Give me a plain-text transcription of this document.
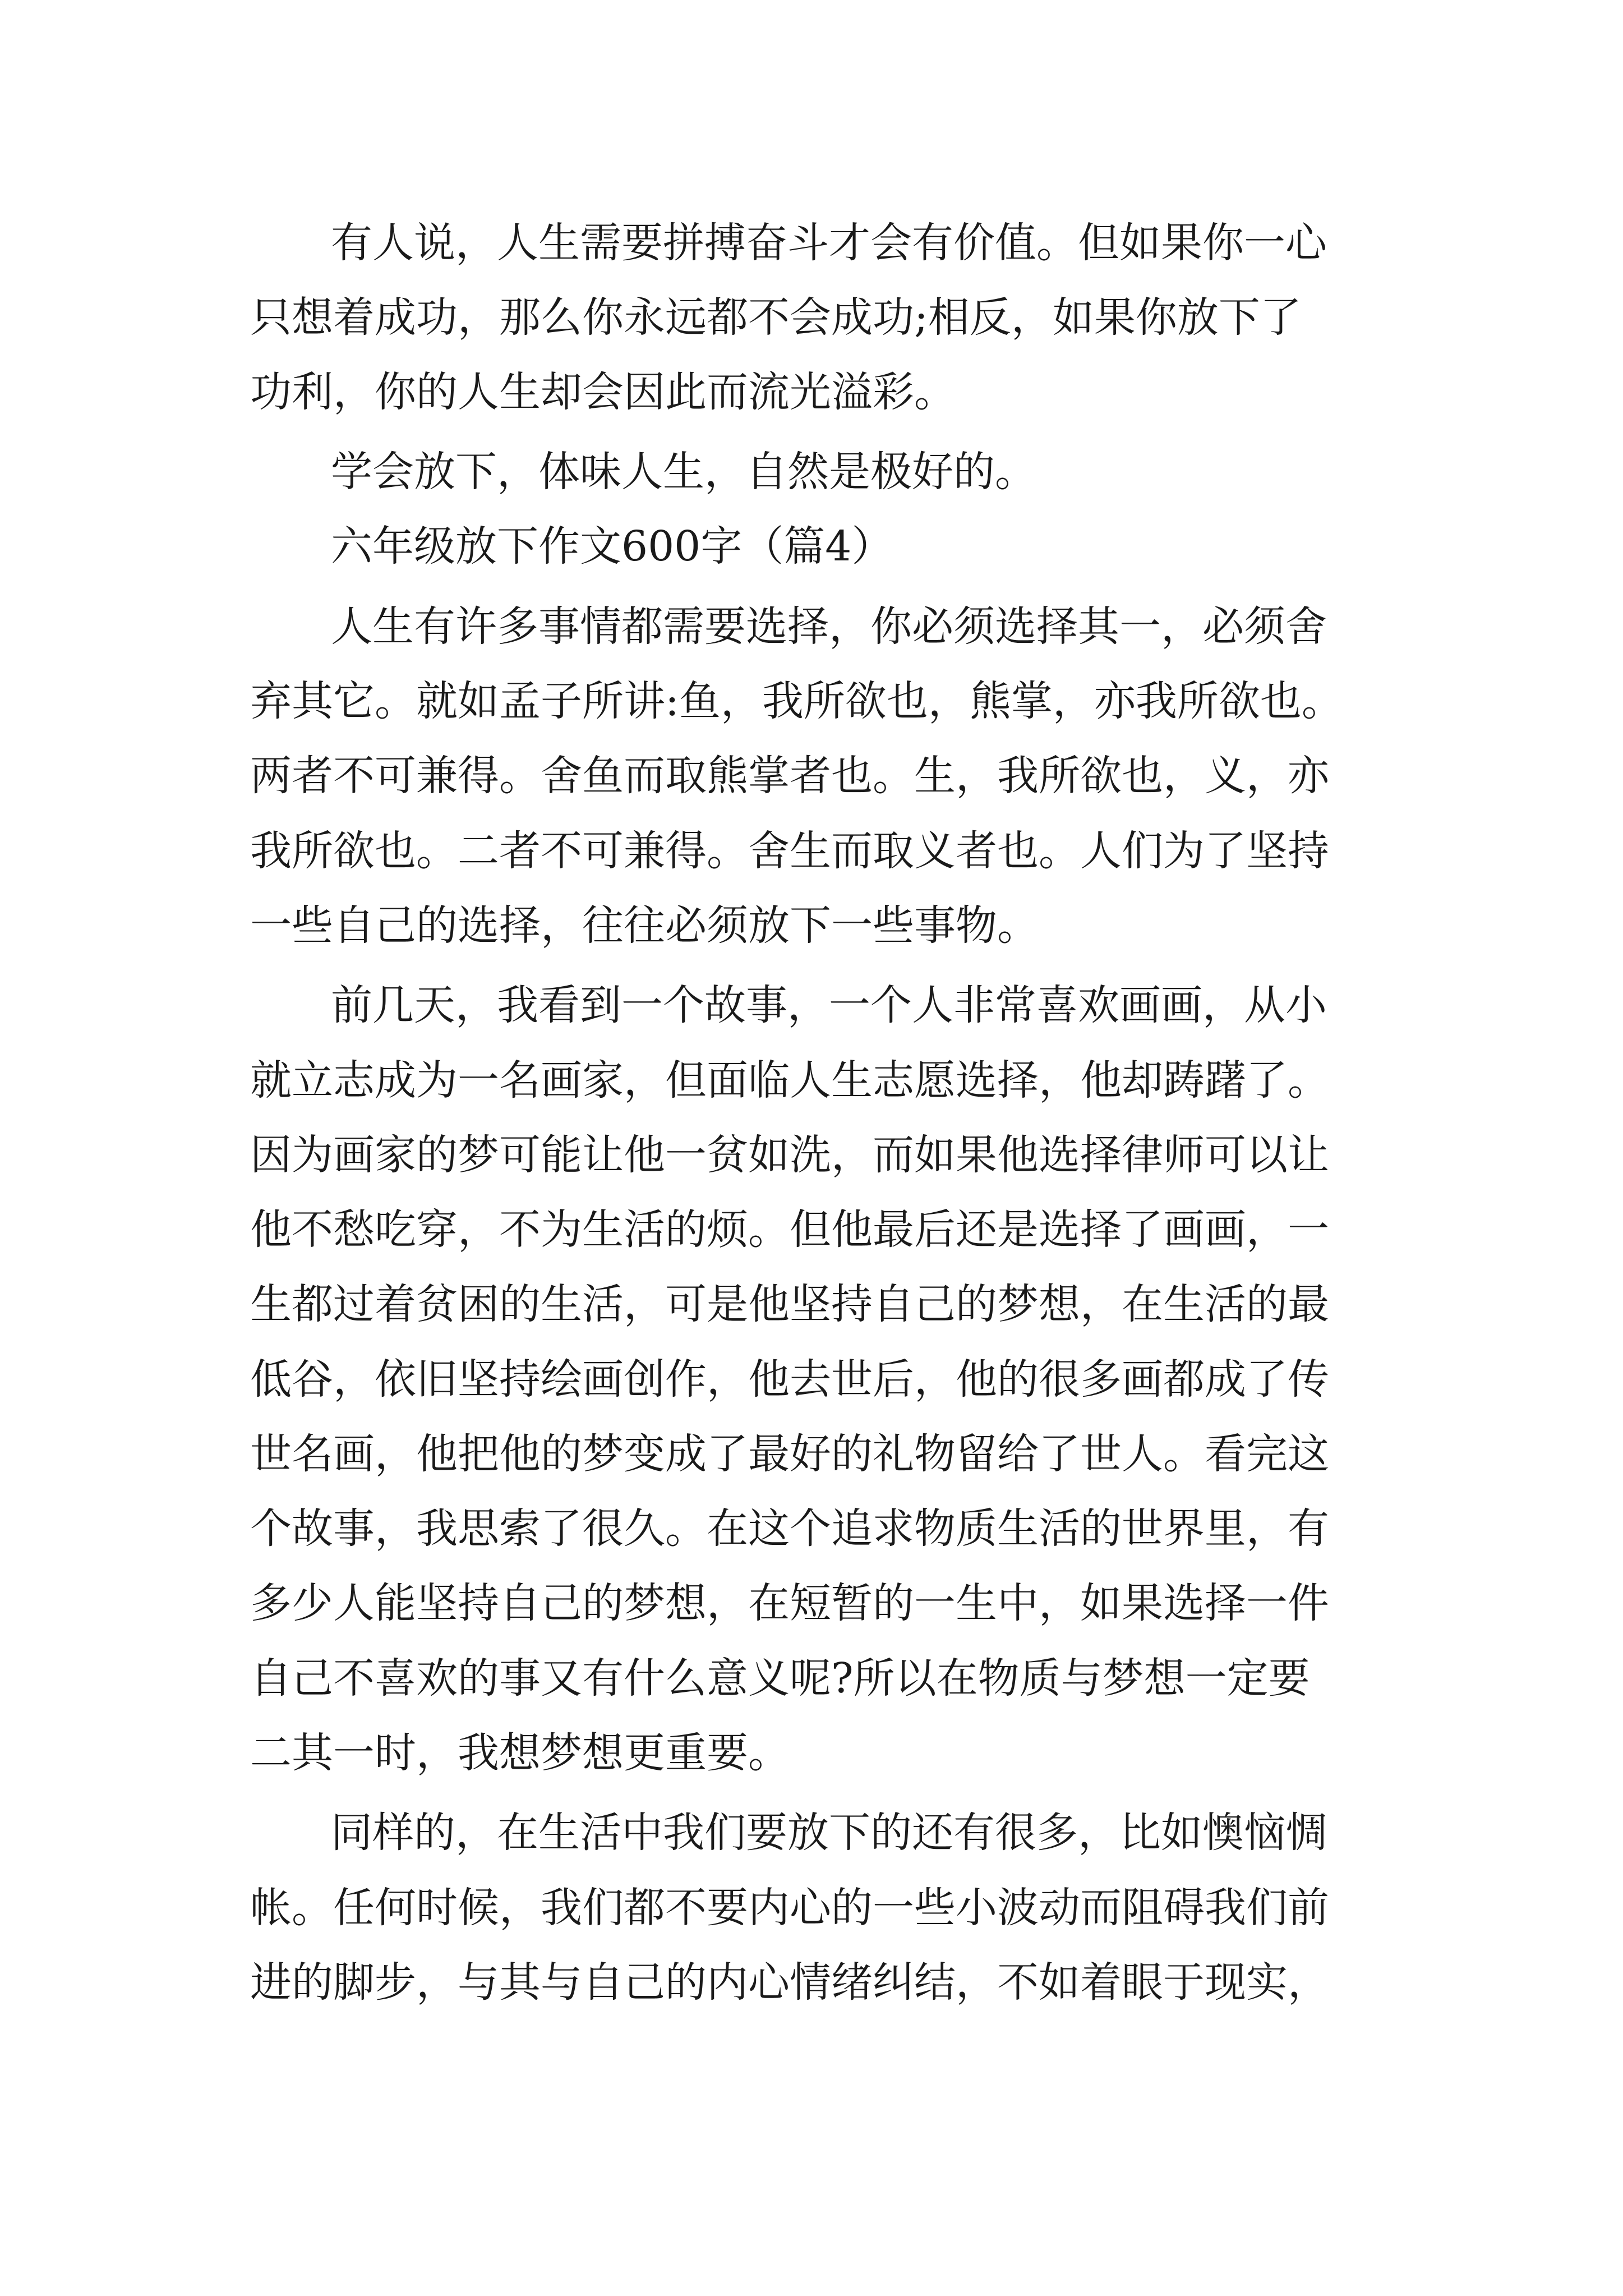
有人说，人生需要拼搏奋斗才会有价值。但如果你一心
只想着成功，那么你永远都不会成功;相反，如果你放下了
功利，你的人生却会因此而流光溢彩。
学会放下，体味人生，自然是极好的。
六年级放下作文600字（篇4）
人生有许多事情都需要选择，你必须选择其一，必须舍
弃其它。就如孟子所讲:鱼，我所欲也，熊掌，亦我所欲也。
两者不可兼得。舍鱼而取熊掌者也。生，我所欲也，义，亦
我所欲也。二者不可兼得。舍生而取义者也。人们为了坚持
一些自己的选择，往往必须放下一些事物。
前几天，我看到一个故事，一个人非常喜欢画画，从小
就立志成为一名画家，但面临人生志愿选择，他却踌躇了。
因为画家的梦可能让他一贫如洗，而如果他选择律师可以让
他不愁吃穿，不为生活的烦。但他最后还是选择了画画，一
生都过着贫困的生活，可是他坚持自己的梦想，在生活的最
低谷，依旧坚持绘画创作，他去世后，他的很多画都成了传
世名画，他把他的梦变成了最好的礼物留给了世人。看完这
个故事，我思索了很久。在这个追求物质生活的世界里，有
多少人能坚持自己的梦想，在短暂的一生中，如果选择一件
自己不喜欢的事又有什么意义呢?所以在物质与梦想一定要
二其一时，我想梦想更重要。
同样的，在生活中我们要放下的还有很多，比如懊恼惆
帐。任何时候，我们都不要内心的一些小波动而阻碍我们前
进的脚步，与其与自己的内心情绪纠结，不如着眼于现实，
